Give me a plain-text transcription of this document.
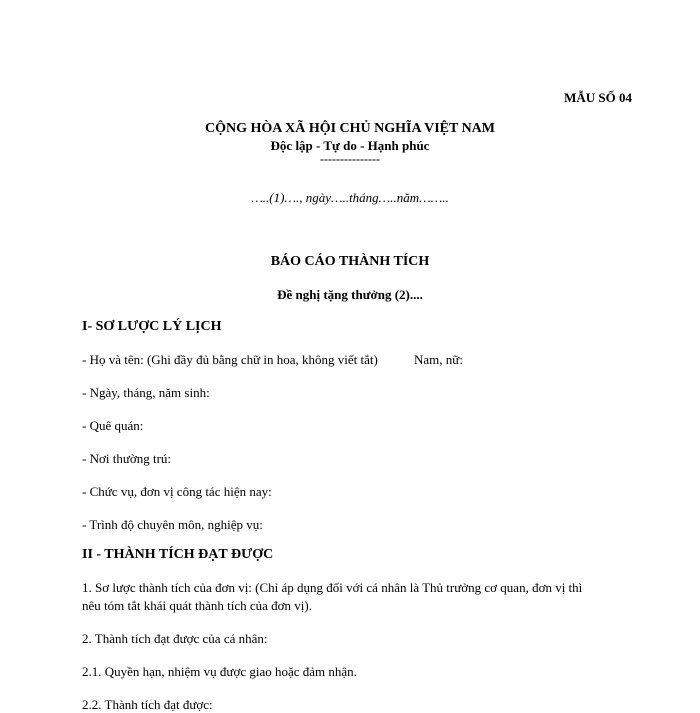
MẪU SỐ 04
CỘNG HÒA XÃ HỘI CHỦ NGHĨA VIỆT NAM
Độc lập - Tự do - Hạnh phúc
---------------
…..(1)…., ngày…..tháng…..năm……..
BÁO CÁO THÀNH TÍCH
Đề nghị tặng thưởng (2)....
I- SƠ LƯỢC LÝ LỊCH
- Họ và tên: (Ghi đầy đủ bằng chữ in hoa, không viết tắt)	Nam, nữ:
- Ngày, tháng, năm sinh:
- Quê quán:
- Nơi thường trú:
- Chức vụ, đơn vị công tác hiện nay:
- Trình độ chuyên môn, nghiệp vụ:
II - THÀNH TÍCH ĐẠT ĐƯỢC
1. Sơ lược thành tích của đơn vị: (Chỉ áp dụng đối với cá nhân là Thủ trưởng cơ quan, đơn vị thì
nêu tóm tắt khái quát thành tích của đơn vị).
2. Thành tích đạt được của cá nhân:
2.1. Quyền hạn, nhiệm vụ được giao hoặc đảm nhận.
2.2. Thành tích đạt được:
